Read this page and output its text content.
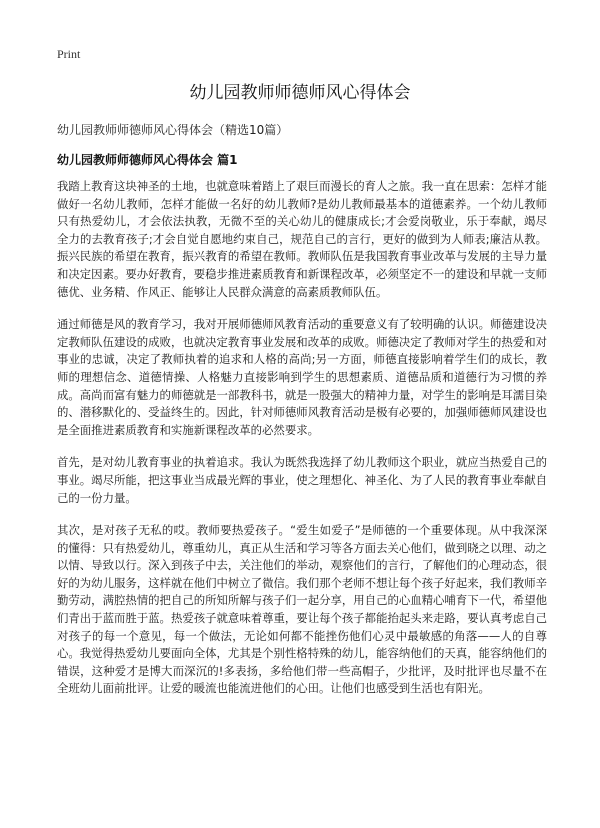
Print
幼儿园教师师德师风心得体会
幼儿园教师师德师风心得体会（精选10篇）
幼儿园教师师德师风心得体会 篇1

我踏上教育这块神圣的土地，也就意味着踏上了艰巨而漫长的育人之旅。我一直在思索：怎样才能做好一名幼儿教师，怎样才能做一名好的幼儿教师?是幼儿教师最基本的道德素养。一个幼儿教师只有热爱幼儿，才会依法执教，无微不至的关心幼儿的健康成长;才会爱岗敬业，乐于奉献，竭尽全力的去教育孩子;才会自觉自愿地约束自己，规范自己的言行，更好的做到为人师表;廉洁从教。振兴民族的希望在教育，振兴教育的希望在教师。教师队伍是我国教育事业改革与发展的主导力量和决定因素。要办好教育，要稳步推进素质教育和新课程改革，必须坚定不一的建设和早就一支师德优、业务精、作风正、能够让人民群众满意的高素质教师队伍。

通过师德是风的教育学习，我对开展师德师风教育活动的重要意义有了较明确的认识。师德建设决定教师队伍建设的成败，也就决定教育事业发展和改革的成败。师德决定了教师对学生的热爱和对事业的忠诚，决定了教师执着的追求和人格的高尚;另一方面，师德直接影响着学生们的成长，教师的理想信念、道德情操、人格魅力直接影响到学生的思想素质、道德品质和道德行为习惯的养成。高尚而富有魅力的师德就是一部教科书，就是一股强大的精神力量，对学生的影响是耳濡目染的、潜移默化的、受益终生的。因此，针对师德师风教育活动是极有必要的，加强师德师风建设也是全面推进素质教育和实施新课程改革的必然要求。

首先，是对幼儿教育事业的执着追求。我认为既然我选择了幼儿教师这个职业，就应当热爱自己的事业。竭尽所能，把这事业当成最光辉的事业，使之理想化、神圣化、为了人民的教育事业奉献自己的一份力量。

其次，是对孩子无私的哎。教师要热爱孩子。“爱生如爱子”是师德的一个重要体现。从中我深深的懂得：只有热爱幼儿，尊重幼儿，真正从生活和学习等各方面去关心他们，做到晓之以理、动之以情、导致以行。深入到孩子中去，关注他们的举动，观察他们的言行，了解他们的心理动态，很好的为幼儿服务，这样就在他们中树立了微信。我们那个老师不想让每个孩子好起来，我们教师辛勤劳动，满腔热情的把自己的所知所解与孩子们一起分享，用自己的心血精心哺育下一代，希望他们青出于蓝而胜于蓝。热爱孩子就意味着尊重，要让每个孩子都能抬起头来走路，要认真考虑自己对孩子的每一个意见，每一个做法，无论如何都不能挫伤他们心灵中最敏感的角落——人的自尊心。我觉得热爱幼儿要面向全体，尤其是个别性格特殊的幼儿，能容纳他们的天真，能容纳他们的错误，这种爱才是博大而深沉的!多表扬，多给他们带一些高帽子，少批评，及时批评也尽量不在全班幼儿面前批评。让爱的暖流也能流进他们的心田。让他们也感受到生活也有阳光。
